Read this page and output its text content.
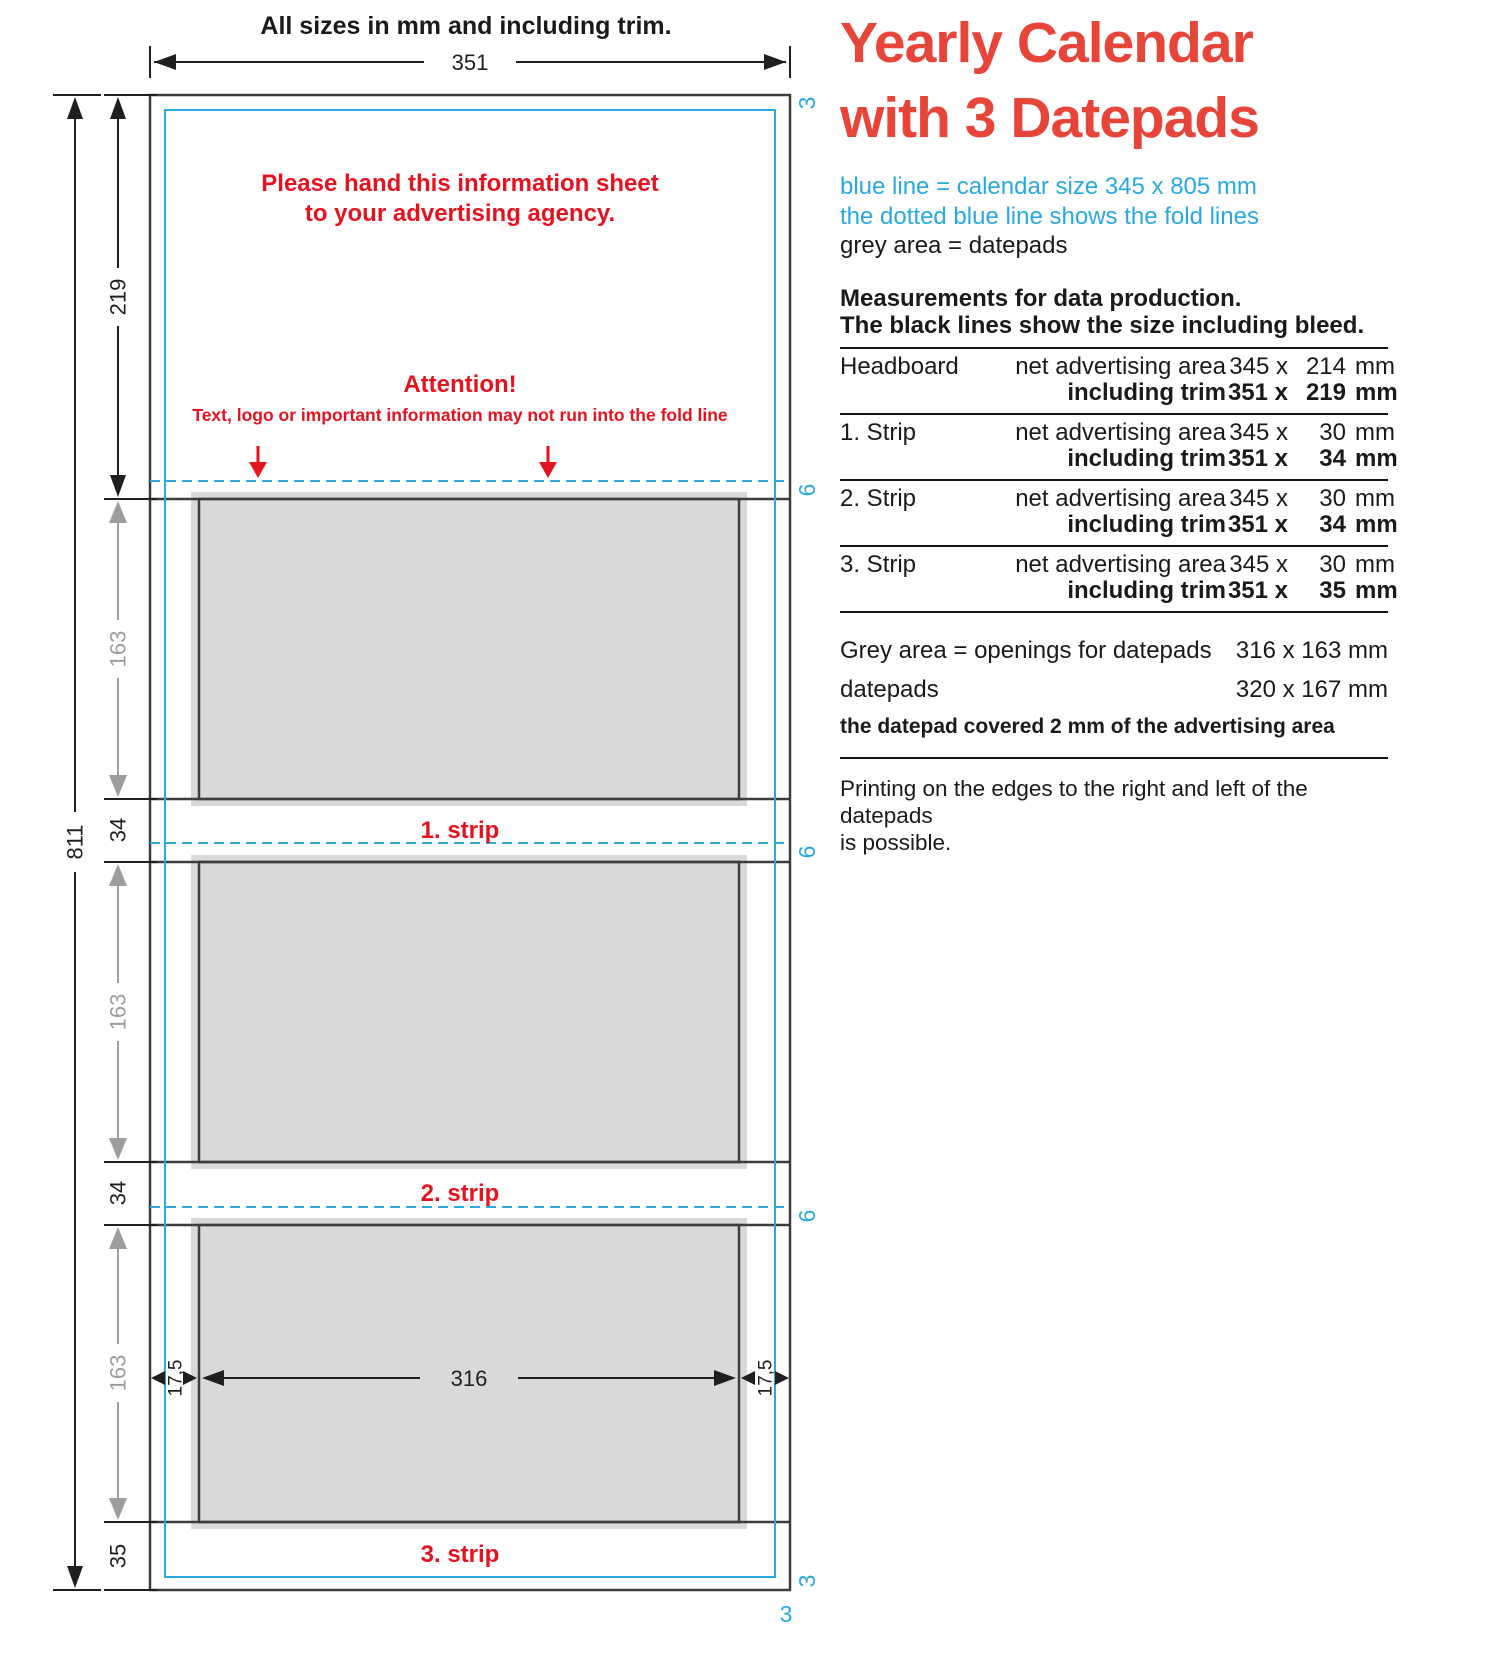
All sizes in mm and including trim.
351
Please hand this information sheet
to your advertising agency.
Attention!
Text, logo or important information may not run into the fold line
1. strip
2. strip
3. strip
316
17,5	17,5
811
219
163
34
163
34
163
35
3
6
6
6
3
3
Yearly Calendar
with 3 Datepads
blue line = calendar size 345 x 805 mm
the dotted blue line shows the fold lines
grey area = datepads
Measurements for data production.
The black lines show the size including bleed.
Headboard	net advertising area 345 x 214 mm
including trim 351 x 219 mm
1. Strip	net advertising area 345 x	30 mm
including trim 351 x	34 mm
2. Strip	net advertising area 345 x	30 mm
including trim 351 x	34 mm
3. Strip	net advertising area 345 x	30 mm
including trim 351 x	35 mm
Grey area = openings for datepads 316 x 163 mm
datepads	320 x 167 mm
the datepad covered 2 mm of the advertising area
Printing on the edges to the right and left of the datepads
is possible.
